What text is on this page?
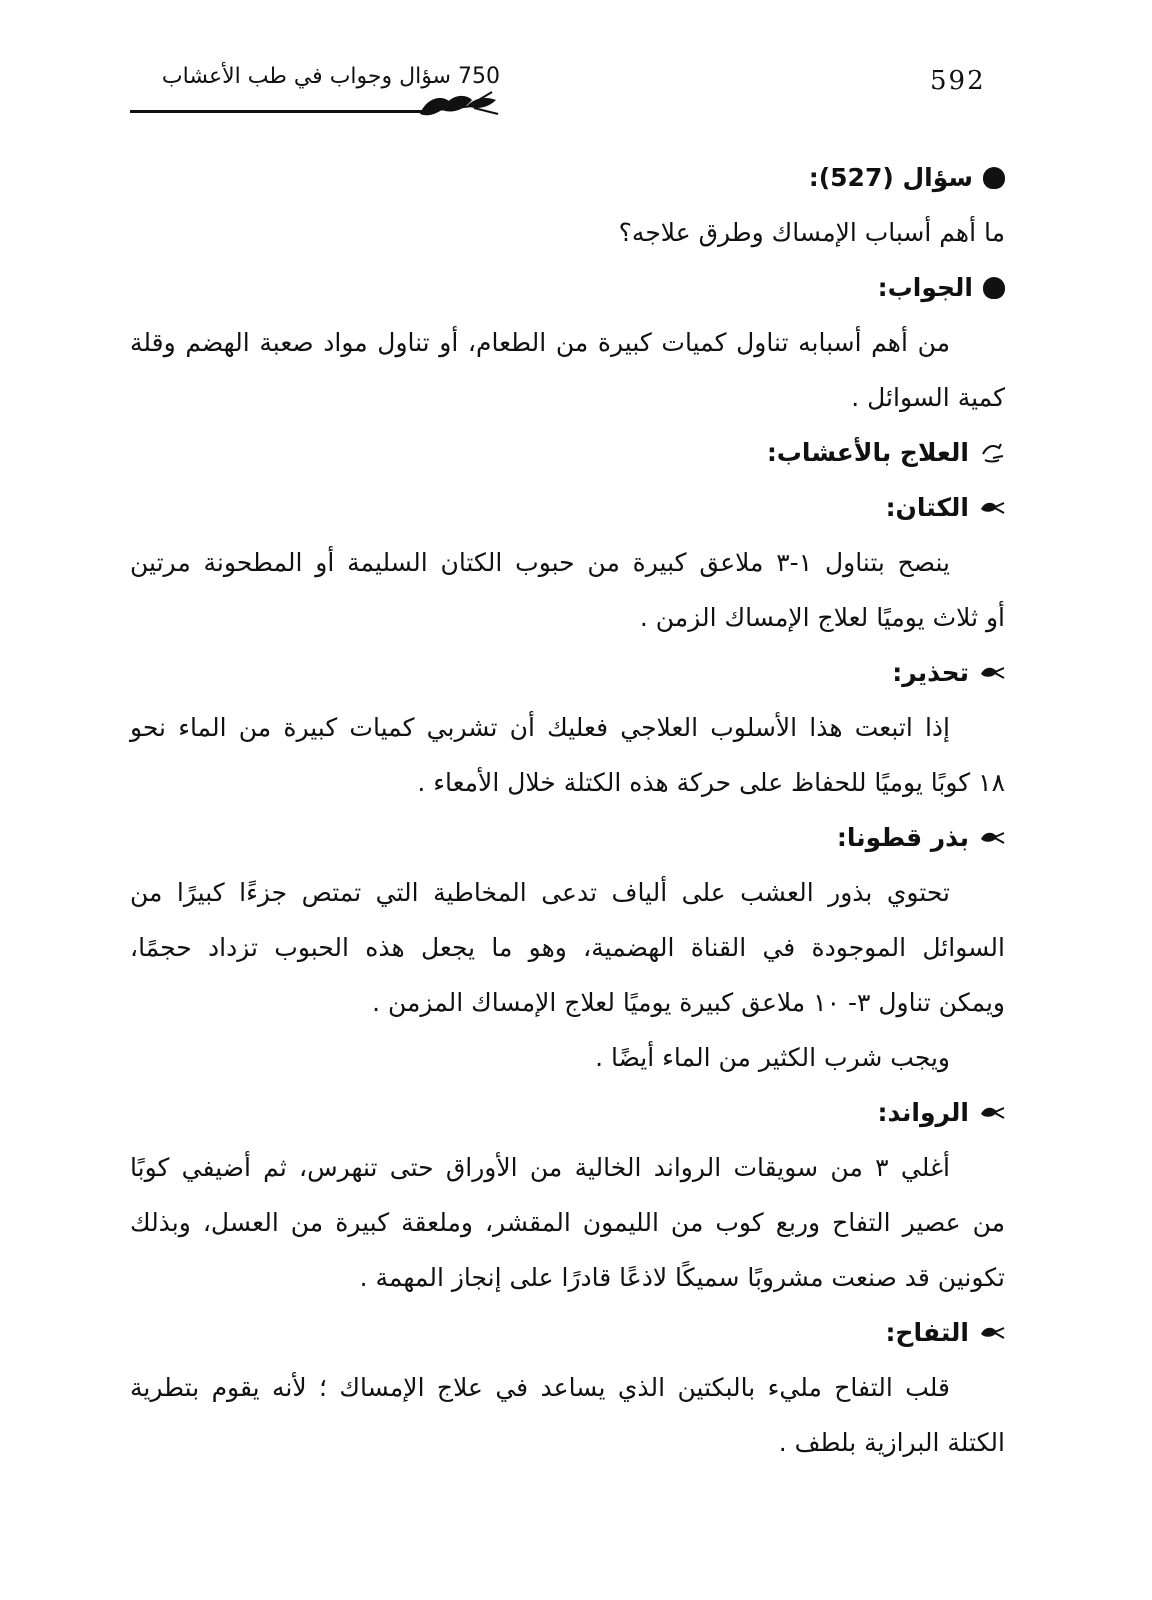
592
750 سؤال وجواب في طب الأعشاب

سؤال (527):

ما أهم أسباب الإمساك وطرق علاجه؟

الجواب:

من أهم أسبابه تناول كميات كبيرة من الطعام، أو تناول مواد صعبة الهضم وقلة

كمية السوائل .

العلاج بالأعشاب:

الكتان:

ينصح بتناول ١-٣ ملاعق كبيرة من حبوب الكتان السليمة أو المطحونة مرتين

أو ثلاث يوميًا لعلاج الإمساك الزمن .

تحذير:

إذا اتبعت هذا الأسلوب العلاجي فعليك أن تشربي كميات كبيرة من الماء نحو

١٨ كوبًا يوميًا للحفاظ على حركة هذه الكتلة خلال الأمعاء .

بذر قطونا:

تحتوي بذور العشب على ألياف تدعى المخاطية التي تمتص جزءًا كبيرًا من

السوائل الموجودة في القناة الهضمية، وهو ما يجعل هذه الحبوب تزداد حجمًا،

ويمكن تناول ٣- ١٠ ملاعق كبيرة يوميًا لعلاج الإمساك المزمن .

ويجب شرب الكثير من الماء أيضًا .

الرواند:

أغلي ٣ من سويقات الرواند الخالية من الأوراق حتى تنهرس، ثم أضيفي كوبًا

من عصير التفاح وربع كوب من الليمون المقشر، وملعقة كبيرة من العسل، وبذلك

تكونين قد صنعت مشروبًا سميكًا لاذعًا قادرًا على إنجاز المهمة .

التفاح:

قلب التفاح مليء بالبكتين الذي يساعد في علاج الإمساك ؛ لأنه يقوم بتطرية

الكتلة البرازية بلطف .
